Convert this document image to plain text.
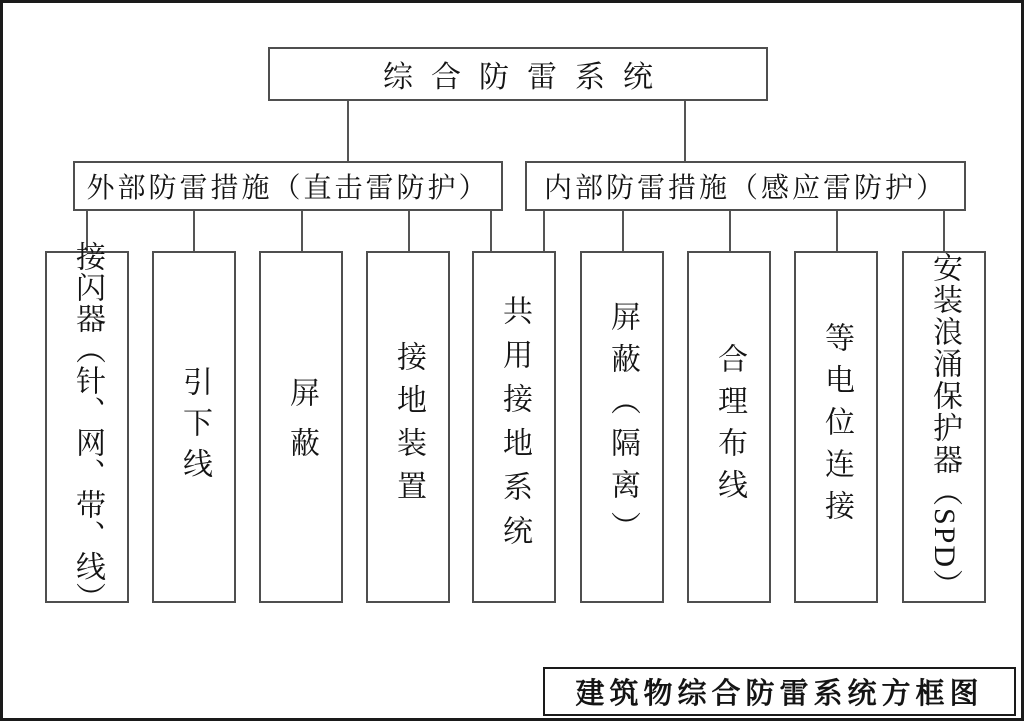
综合防雷系统
外部防雷措施（直击雷防护） 内部防雷措施（感应雷防护）
接闪器（针、网、带、线） 引下线 屏蔽 接地装置 共用接地系统	屏蔽（隔离） 合理布线 等电位连接	安装浪涌保护器（SPD）
建筑物综合防雷系统方框图
